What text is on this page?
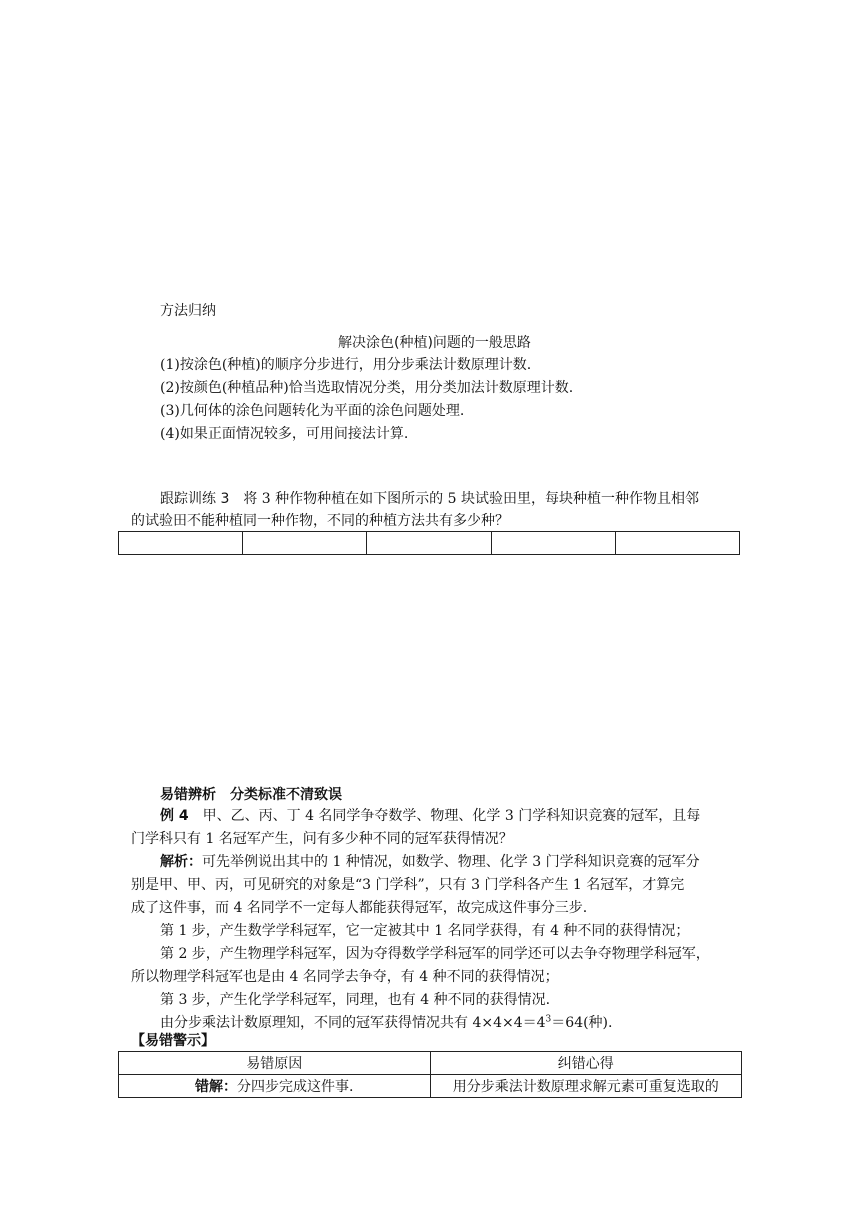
方法归纳
解决涂色(种植)问题的一般思路
(1)按涂色(种植)的顺序分步进行，用分步乘法计数原理计数.
(2)按颜色(种植品种)恰当选取情况分类，用分类加法计数原理计数.
(3)几何体的涂色问题转化为平面的涂色问题处理.
(4)如果正面情况较多，可用间接法计算.
跟踪训练 3　 将 3 种作物种植在如下图所示的 5 块试验田里，每块种植一种作物且相邻
的试验田不能种植同一种作物，不同的种植方法共有多少种？
易错辨析　分类标准不清致误
例 4　 甲、乙、丙、丁 4 名同学争夺数学、物理、化学 3 门学科知识竞赛的冠军，且每
门学科只有 1 名冠军产生，问有多少种不同的冠军获得情况？
解析：可先举例说出其中的 1 种情况，如数学、物理、化学 3 门学科知识竞赛的冠军分
别是甲、甲、丙，可见研究的对象是“3 门学科”，只有 3 门学科各产生 1 名冠军，才算完
成了这件事，而 4 名同学不一定每人都能获得冠军，故完成这件事分三步.
第 1 步，产生数学学科冠军，它一定被其中 1 名同学获得，有 4 种不同的获得情况；
第 2 步，产生物理学科冠军，因为夺得数学学科冠军的同学还可以去争夺物理学科冠军，
所以物理学科冠军也是由 4 名同学去争夺，有 4 种不同的获得情况；
第 3 步，产生化学学科冠军，同理，也有 4 种不同的获得情况.
由分步乘法计数原理知，不同的冠军获得情况共有 $4\times 4\times 4=4^3=64$(种).
【易错警示】
易错原因	纠错心得
错解：分四步完成这件事.	用分步乘法计数原理求解元素可重复选取的
